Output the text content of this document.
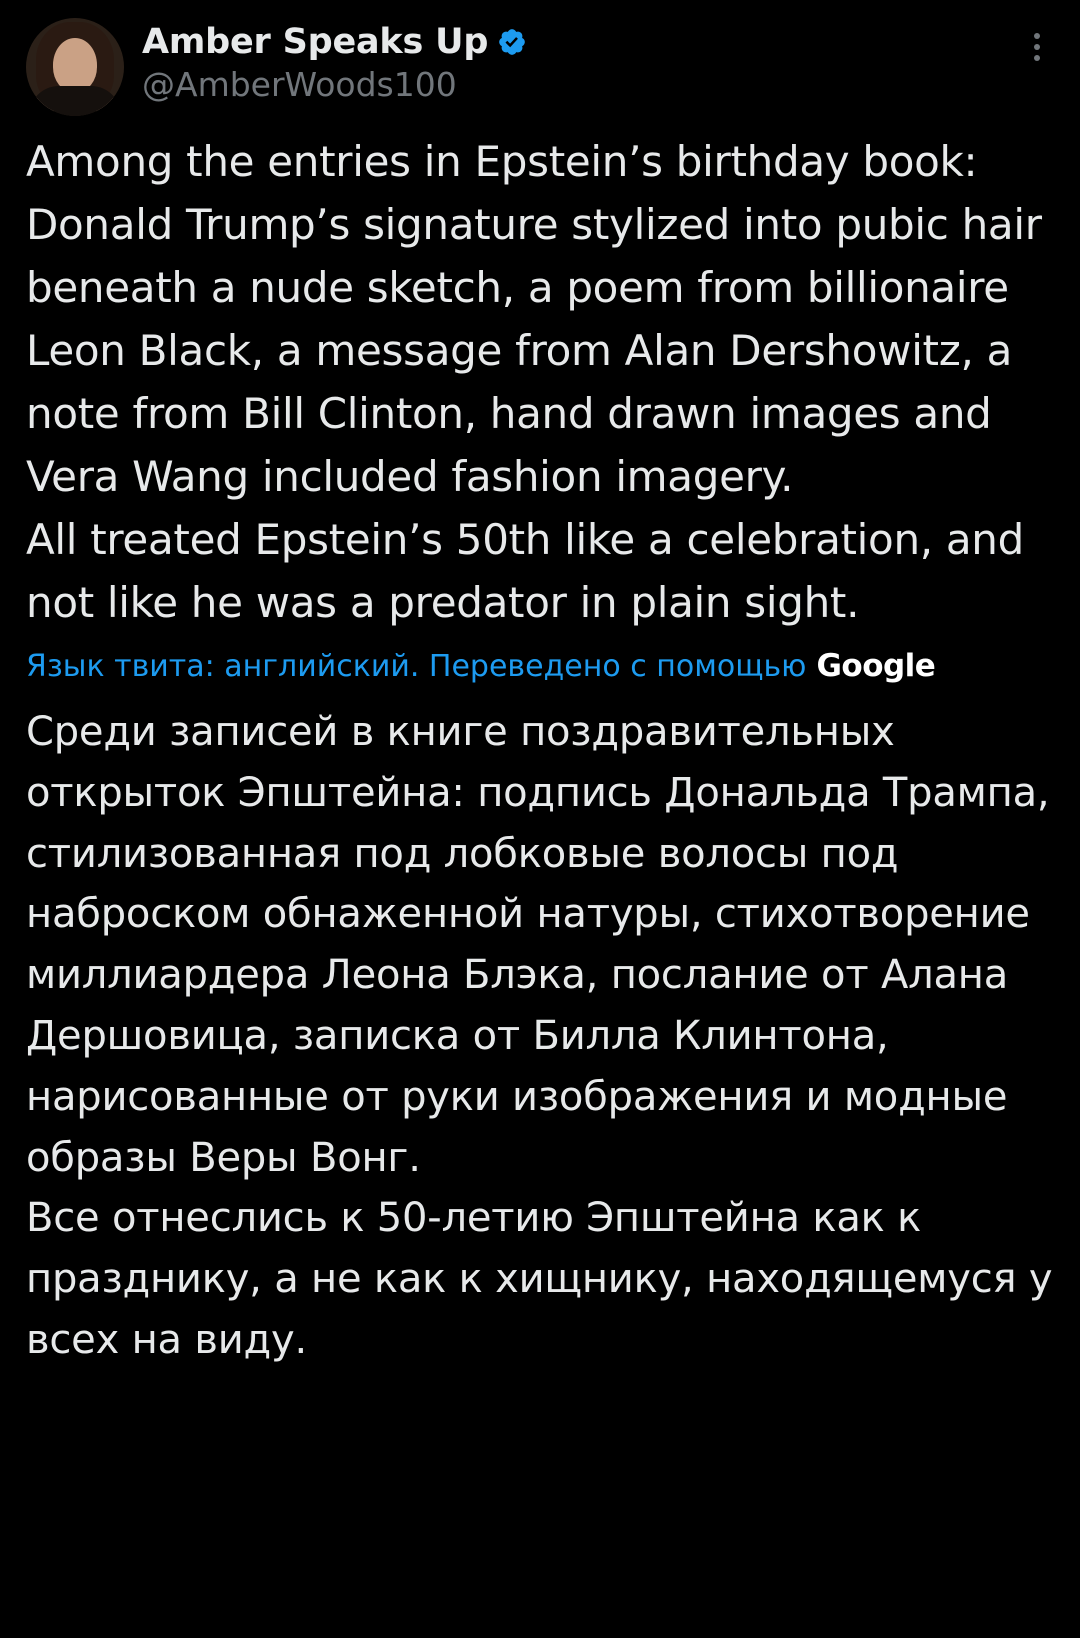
Amber Speaks Up
@AmberWoods100

Among the entries in Epstein’s birthday book: Donald Trump’s signature stylized into pubic hair beneath a nude sketch, a poem from billionaire Leon Black, a message from Alan Dershowitz, a note from Bill Clinton, hand drawn images and Vera Wang included fashion imagery.

All treated Epstein’s 50th like a celebration, and not like he was a predator in plain sight.

Язык твита: английский. Переведено с помощью Google

Среди записей в книге поздравительных открыток Эпштейна: подпись Дональда Трампа, стилизованная под лобковые волосы под наброском обнаженной натуры, стихотворение миллиардера Леона Блэка, послание от Алана Дершовица, записка от Билла Клинтона, нарисованные от руки изображения и модные образы Веры Вонг.

Все отнеслись к 50-летию Эпштейна как к празднику, а не как к хищнику, находящемуся у всех на виду.
